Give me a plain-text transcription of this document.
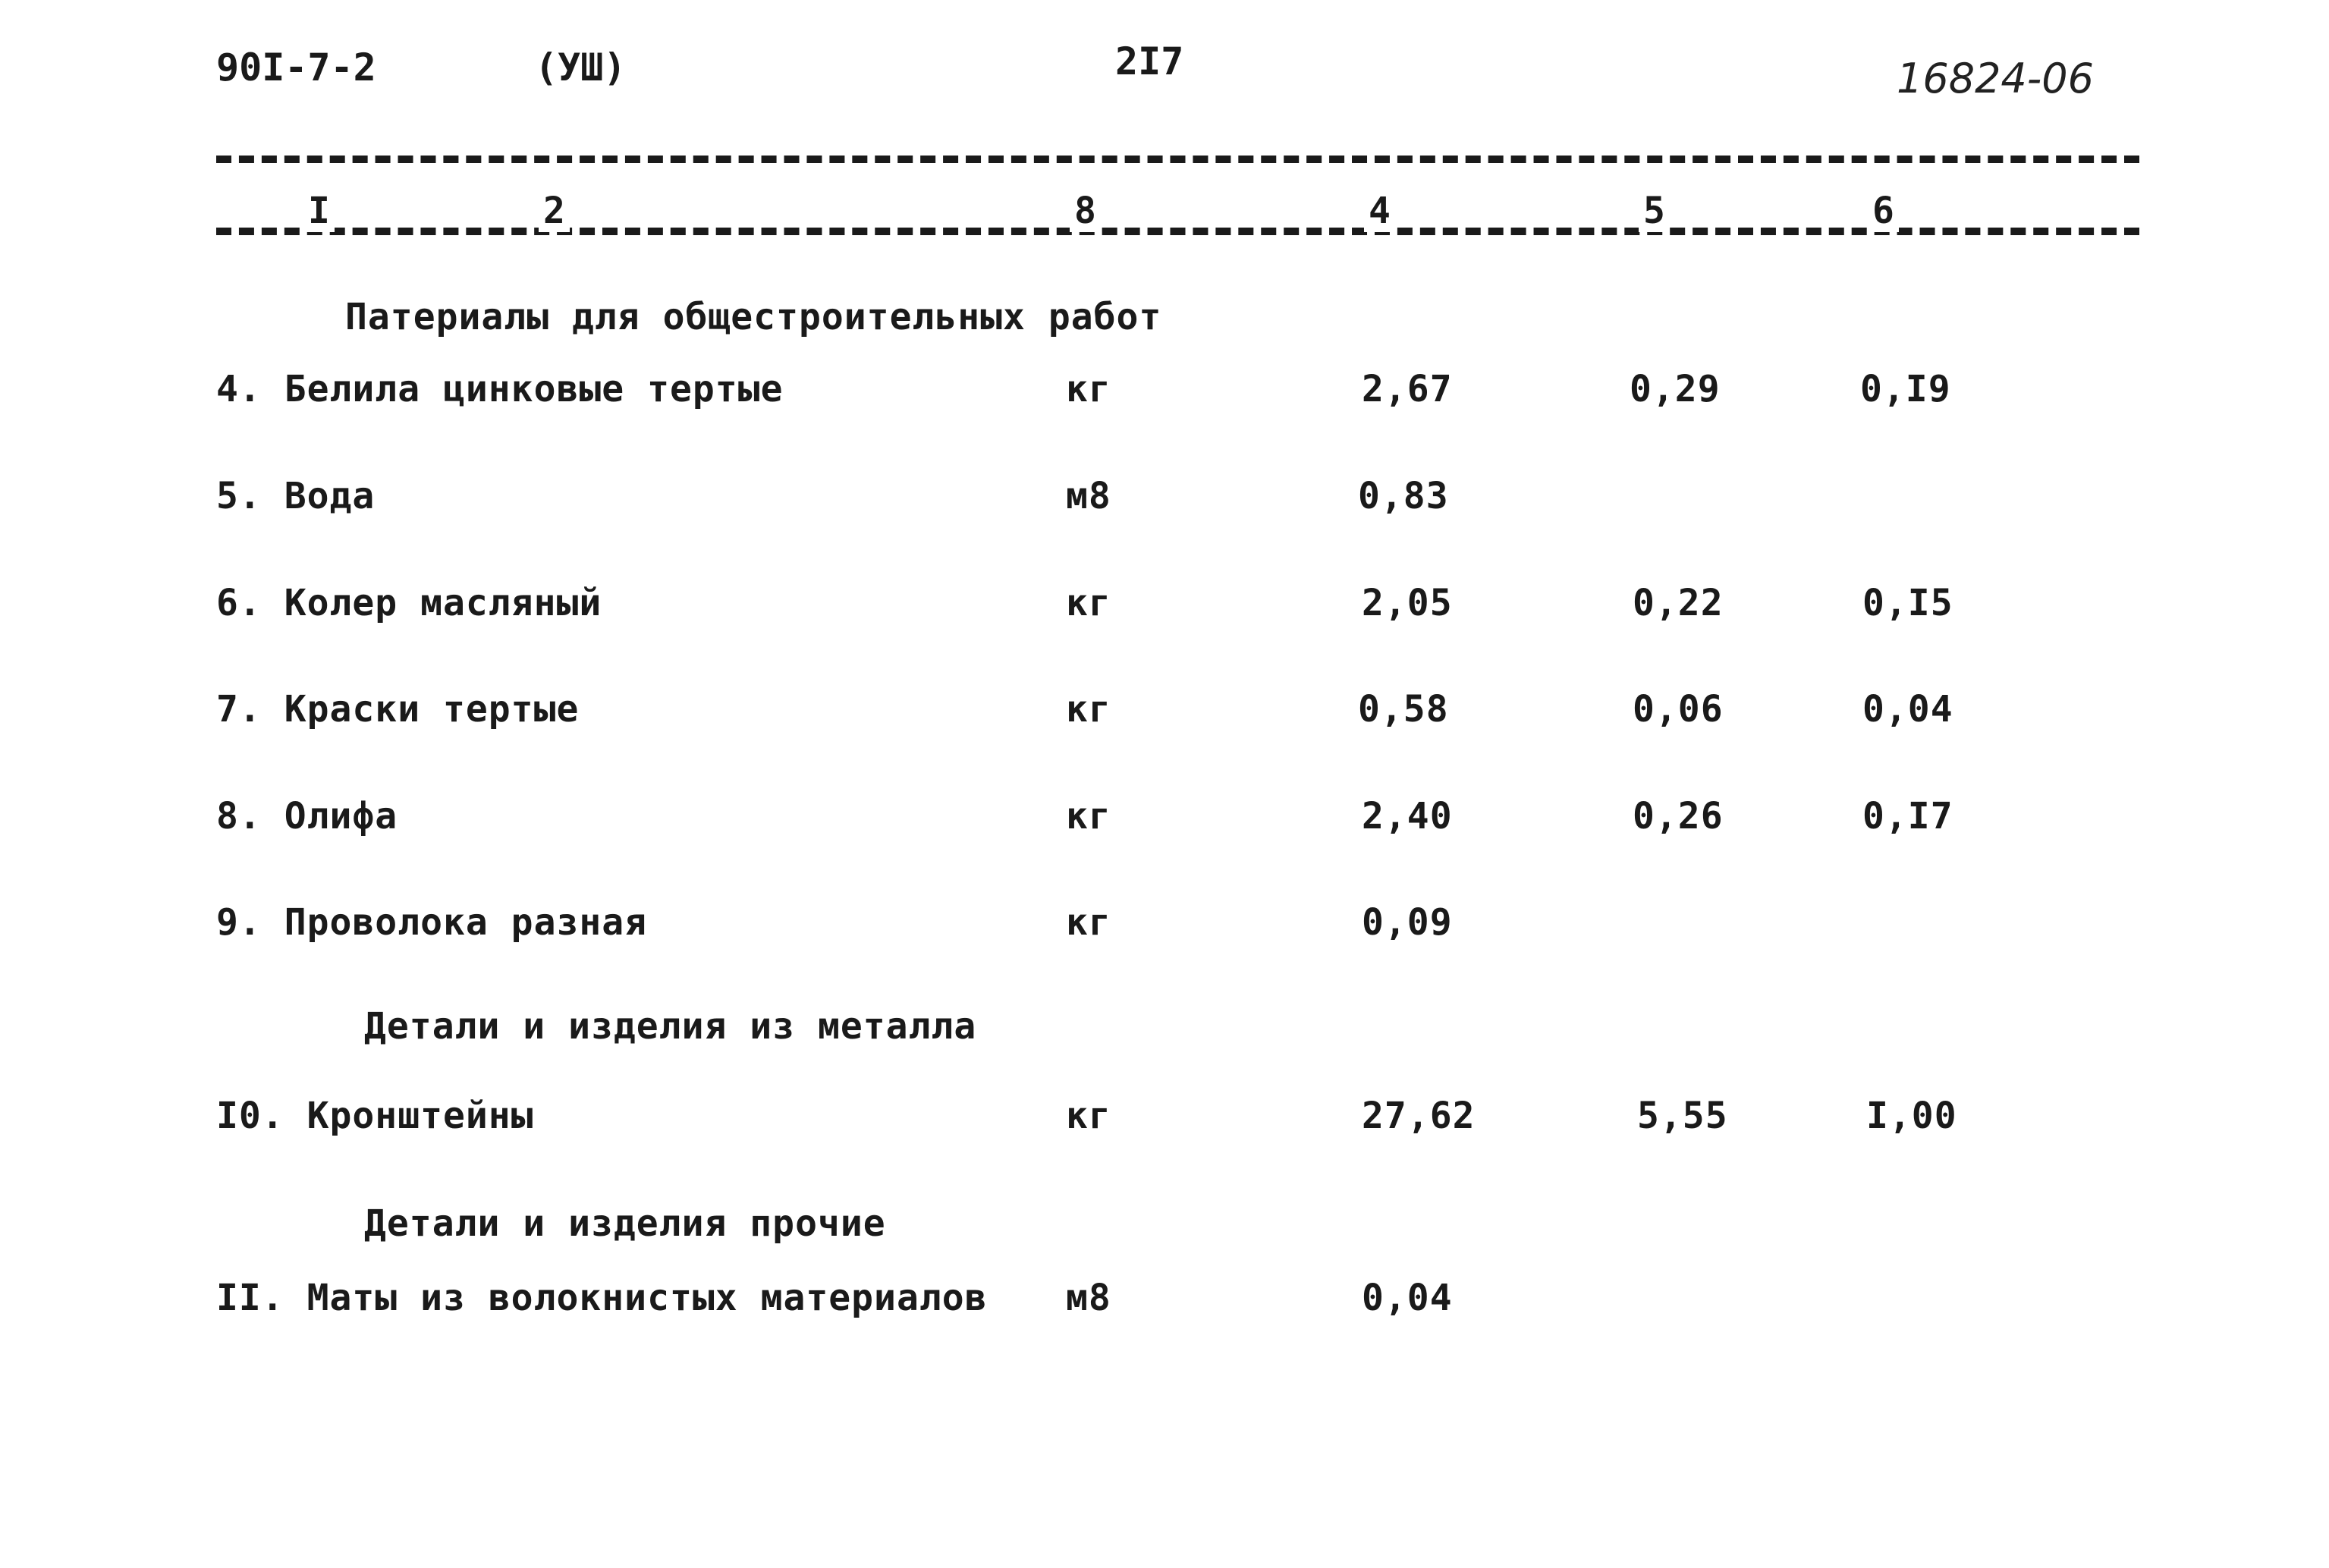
90I-7-2	(УШ)	2I7	16824-06
I	2	8	4	5	6
Патериалы для общестроительных работ
4. Белила цинковые тертые	кг	2,67	0,29	0,I9
5. Вода	м8	0,83
6. Колер масляный	кг	2,05	0,22	0,I5
7. Краски тертые	кг	0,58	0,06	0,04
8. Олифа	кг	2,40	0,26	0,I7
9. Проволока разная	кг	0,09
Детали и изделия из металла
I0. Кронштейны	кг	27,62	5,55	I,00
Детали и изделия прочие
II. Маты из волокнистых материалов м8	0,04
